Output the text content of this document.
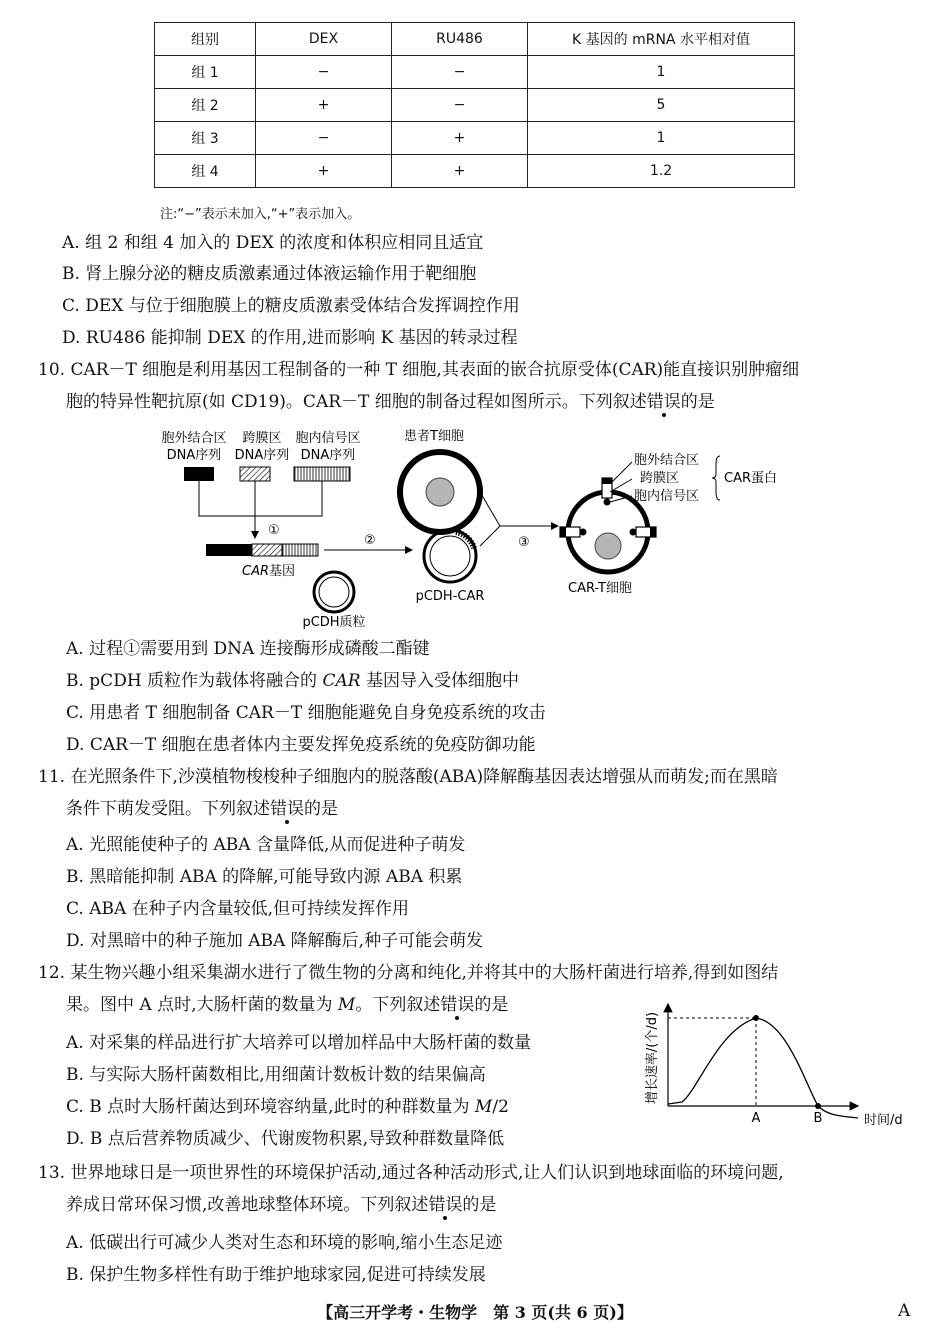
组别	DEX	RU486	K 基因的 mRNA 水平相对值
组 1	−	−	1
组 2	+	−	5
组 3	−	+	1
组 4	+	+	1.2
注:“−”表示未加入,“+”表示加入。
A. 组 2 和组 4 加入的 DEX 的浓度和体积应相同且适宜
B. 肾上腺分泌的糖皮质激素通过体液运输作用于靶细胞
C. DEX 与位于细胞膜上的糖皮质激素受体结合发挥调控作用
D. RU486 能抑制 DEX 的作用,进而影响 K 基因的转录过程
10. CAR－T 细胞是利用基因工程制备的一种 T 细胞,其表面的嵌合抗原受体(CAR)能直接识别肿瘤细
胞的特异性靶抗原(如 CD19)。CAR－T 细胞的制备过程如图所示。下列叙述错误的是
胞外结合区
DNA序列
跨膜区
DNA序列
胞内信号区
DNA序列
①
CAR基因
②
pCDH质粒
pCDH-CAR
患者T细胞
③
CAR-T细胞
胞外结合区
跨膜区
胞内信号区
CAR蛋白
A. 过程①需要用到 DNA 连接酶形成磷酸二酯键
B. pCDH 质粒作为载体将融合的 CAR 基因导入受体细胞中
C. 用患者 T 细胞制备 CAR－T 细胞能避免自身免疫系统的攻击
D. CAR－T 细胞在患者体内主要发挥免疫系统的免疫防御功能
11. 在光照条件下,沙漠植物梭梭种子细胞内的脱落酸(ABA)降解酶基因表达增强从而萌发;而在黑暗
条件下萌发受阻。下列叙述错误的是
A. 光照能使种子的 ABA 含量降低,从而促进种子萌发
B. 黑暗能抑制 ABA 的降解,可能导致内源 ABA 积累
C. ABA 在种子内含量较低,但可持续发挥作用
D. 对黑暗中的种子施加 ABA 降解酶后,种子可能会萌发
12. 某生物兴趣小组采集湖水进行了微生物的分离和纯化,并将其中的大肠杆菌进行培养,得到如图结
果。图中 A 点时,大肠杆菌的数量为 M。下列叙述错误的是
A. 对采集的样品进行扩大培养可以增加样品中大肠杆菌的数量
B. 与实际大肠杆菌数相比,用细菌计数板计数的结果偏高
C. B 点时大肠杆菌达到环境容纳量,此时的种群数量为 M/2
D. B 点后营养物质减少、代谢废物积累,导致种群数量降低
增长速率/(个/d)
时间/d
A	B
13. 世界地球日是一项世界性的环境保护活动,通过各种活动形式,让人们认识到地球面临的环境问题,
养成日常环保习惯,改善地球整体环境。下列叙述错误的是
A. 低碳出行可减少人类对生态和环境的影响,缩小生态足迹
B. 保护生物多样性有助于维护地球家园,促进可持续发展
【高三开学考・生物学　第 3 页(共 6 页)】	A
